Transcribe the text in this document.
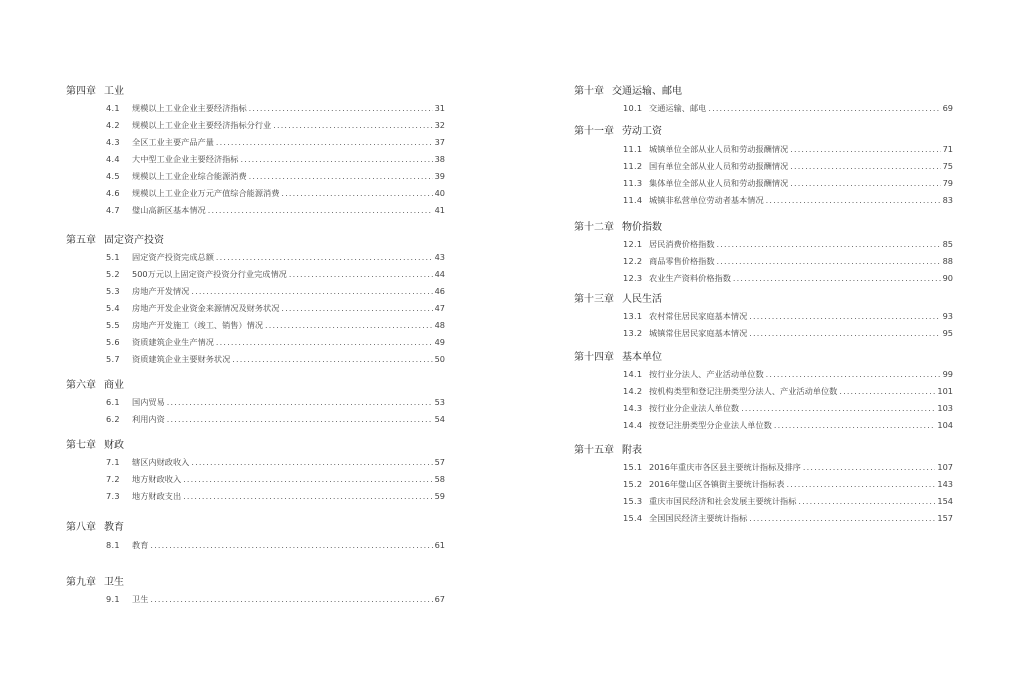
第四章 工业
4.1	规模以上工业企业主要经济指标 .....	31
4.2	规模以上工业企业主要经济指标分行业 .....	32
4.3	全区工业主要产品产量 .....	37
4.4	大中型工业企业主要经济指标 .....	38
4.5	规模以上工业企业综合能源消费 .....	39
4.6	规模以上工业企业万元产值综合能源消费 .....	40
4.7	璧山高新区基本情况 .....	41
第五章 固定资产投资
5.1	固定资产投资完成总额 .....	43
5.2	500万元以上固定资产投资分行业完成情况 .....	44
5.3	房地产开发情况 .....	46
5.4	房地产开发企业资金来源情况及财务状况 .....	47
5.5	房地产开发施工（竣工、销售）情况 .....	48
5.6	资质建筑企业生产情况 .....	49
5.7	资质建筑企业主要财务状况 .....	50
第六章 商业
6.1	国内贸易 .....	53
6.2	利用内资 .....	54
第七章 财政
7.1	辖区内财政收入 .....	57
7.2	地方财政收入 .....	58
7.3	地方财政支出 .....	59
第八章 教育
8.1	教育 .....	61
第九章 卫生
9.1	卫生 .....	67
第十章 交通运输、邮电
10.1 交通运输、邮电 .....	69
第十一章 劳动工资
11.1 城镇单位全部从业人员和劳动报酬情况 .....	71
11.2 国有单位全部从业人员和劳动报酬情况 .....	75
11.3 集体单位全部从业人员和劳动报酬情况 .....	79
11.4 城镇非私营单位劳动者基本情况 .....	83
第十二章 物价指数
12.1 居民消费价格指数 .....	85
12.2 商品零售价格指数 .....	88
12.3 农业生产资料价格指数 .....	90
第十三章 人民生活
13.1 农村常住居民家庭基本情况 .....	93
13.2 城镇常住居民家庭基本情况 .....	95
第十四章 基本单位
14.1 按行业分法人、产业活动单位数 .....	99
14.2 按机构类型和登记注册类型分法人、产业活动单位数 .....	101
14.3 按行业分企业法人单位数 .....	103
14.4 按登记注册类型分企业法人单位数 .....	104
第十五章 附表
15.1 2016年重庆市各区县主要统计指标及排序 .....	107
15.2 2016年璧山区各镇街主要统计指标表 .....	143
15.3 重庆市国民经济和社会发展主要统计指标 .....	154
15.4 全国国民经济主要统计指标 .....	157
